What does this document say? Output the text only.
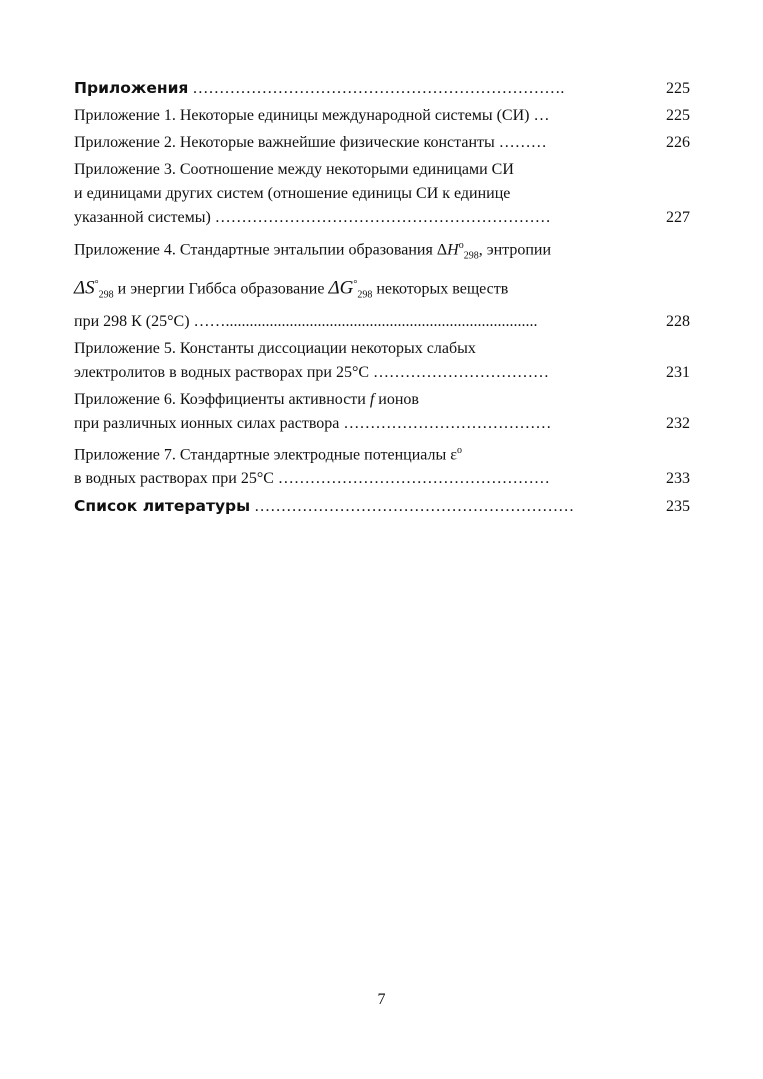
Приложения …………………………………………………………….	225
Приложение 1. Некоторые единицы международной системы (СИ) …	225
Приложение 2. Некоторые важнейшие физические константы ………	226
Приложение 3. Соотношение между некоторыми единицами СИ
и единицами других систем (отношение единицы СИ к единице
указанной системы) ………………………………………………………	227
Приложение 4. Стандартные энтальпии образования $\Delta H^o_{298}$, энтропии
$\Delta S^\circ_{298}$ и энергии Гиббса образование $\Delta G^\circ_{298}$ некоторых веществ
при 298 К (25°С) ……..............................................................................	228
Приложение 5. Константы диссоциации некоторых слабых
электролитов в водных растворах при 25°С ……………………………	231
Приложение 6. Коэффициенты активности f ионов
при различных ионных силах раствора …………………………………	232
Приложение 7. Стандартные электродные потенциалы $\varepsilon^o$
в водных растворах при 25°С ……………………………………………	233
Список литературы ……………………………………………………	235
7
